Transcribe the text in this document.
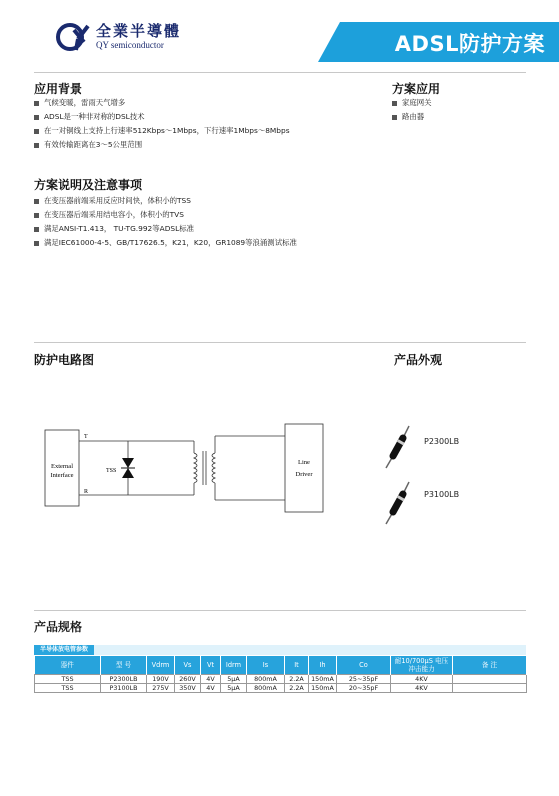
全業半導體
QY semiconductor	ADSL防护方案
应用背景
气候变暖，雷雨天气增多
ADSL是一种非对称的DSL技术
在一对铜线上支持上行速率512Kbps～1Mbps，下行速率1Mbps～8Mbps
有效传输距离在3～5公里范围
方案应用
家庭网关
路由器
方案说明及注意事项
在变压器前端采用反应时间快，体积小的TSS
在变压器后端采用结电容小，体积小的TVS
满足ANSI-T1.413， TU-TG.992等ADSL标准
满足IEC61000-4-5、GB/T17626.5，K21，K20，GR1089等浪涌测试标准
防护电路图	产品外观
External
Interface
T
R
TSS
Line
Driver
P2300LB
P3100LB
产品规格
半导体放电管参数
器件	型 号	Vdrm	Vs	Vt	Idrm	Is	It	Ih	Co	耐10/700μS 电压冲击能力	备 注
TSS	P2300LB	190V	260V	4V	5μA	800mA	2.2A	150mA	25~35pF	4KV	
TSS	P3100LB	275V	350V	4V	5μA	800mA	2.2A	150mA	20~35pF	4KV	
